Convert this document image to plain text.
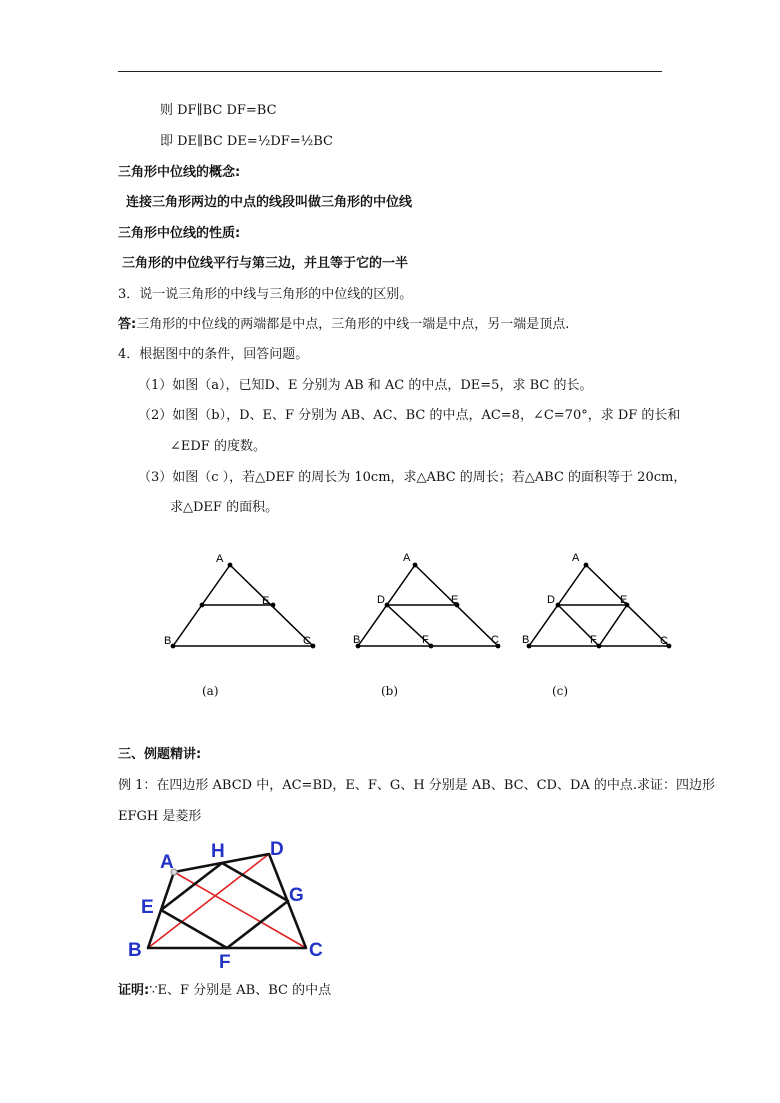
则 DF∥BC DF=BC
即 DE∥BC DE=½DF=½BC
三角形中位线的概念:
连接三角形两边的中点的线段叫做三角形的中位线
三角形中位线的性质:
三角形的中位线平行与第三边，并且等于它的一半
3．说一说三角形的中线与三角形的中位线的区别。
答:三角形的中位线的两端都是中点，三角形的中线一端是中点，另一端是顶点.
4．根据图中的条件，回答问题。
（1）如图（a），已知D、E 分别为 AB 和 AC 的中点，DE=5，求 BC 的长。
（2）如图（b），D、E、F 分别为 AB、AC、BC 的中点，AC=8，∠C=70°，求 DF 的长和
∠EDF 的度数。
（3）如图（c ），若△DEF 的周长为 10cm，求△ABC 的周长；若△ABC 的面积等于 20cm，
求△DEF 的面积。
A
E
B	C
(a)
A
D	E
B	F	C
(b)
A
D	E
B	F	C
(c)
三、例题精讲:
例 1：在四边形 ABCD 中，AC=BD，E、F、G、H 分别是 AB、BC、CD、DA 的中点.求证：四边形
EFGH 是菱形
A
H D
E
G
B
F
C
证明:∵E、F 分别是 AB、BC 的中点
